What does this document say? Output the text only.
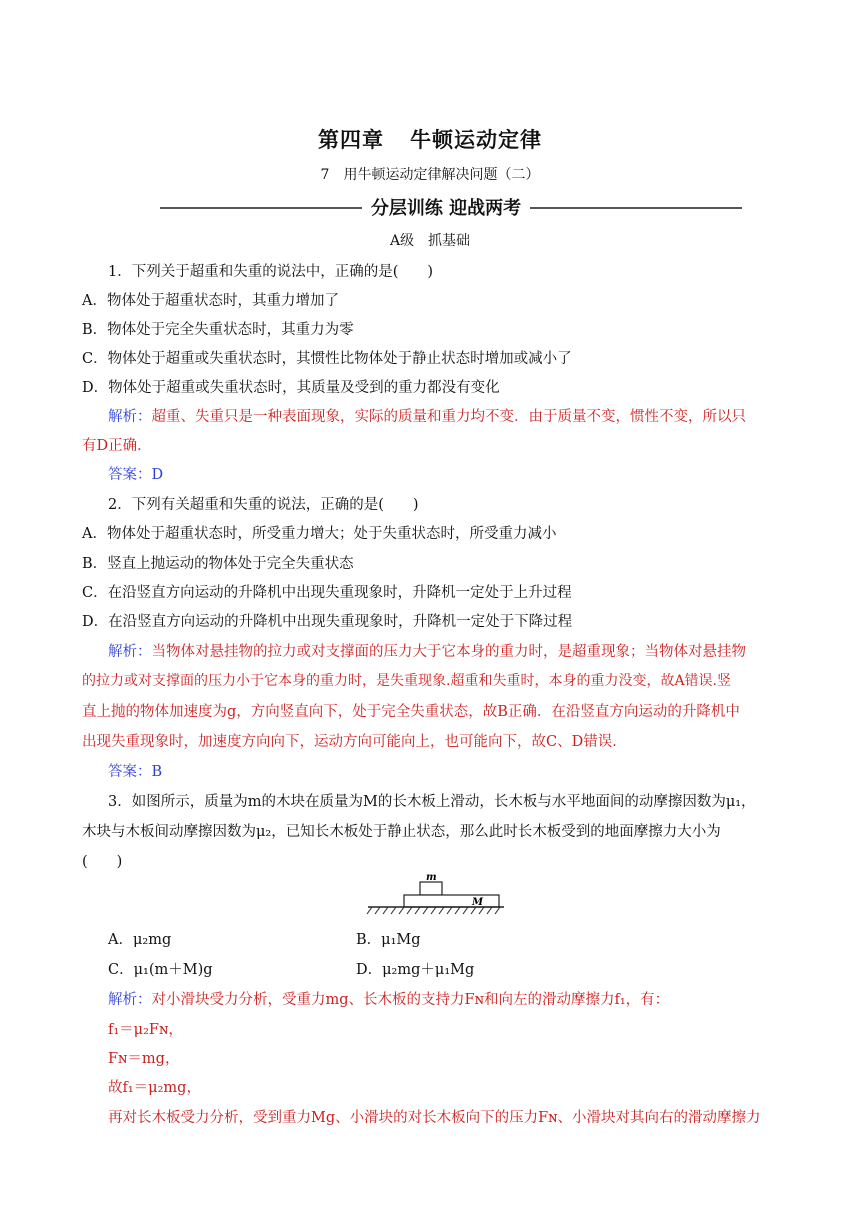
第四章 牛顿运动定律
7　用牛顿运动定律解决问题（二）
分层训练 迎战两考
A级　抓基础
1．下列关于超重和失重的说法中，正确的是(　　)
A．物体处于超重状态时，其重力增加了
B．物体处于完全失重状态时，其重力为零
C．物体处于超重或失重状态时，其惯性比物体处于静止状态时增加或减小了
D．物体处于超重或失重状态时，其质量及受到的重力都没有变化
解析：超重、失重只是一种表面现象，实际的质量和重力均不变．由于质量不变，惯性不变，所以只
有D正确．
答案：D
2．下列有关超重和失重的说法，正确的是(　　)
A．物体处于超重状态时，所受重力增大；处于失重状态时，所受重力减小
B．竖直上抛运动的物体处于完全失重状态
C．在沿竖直方向运动的升降机中出现失重现象时，升降机一定处于上升过程
D．在沿竖直方向运动的升降机中出现失重现象时，升降机一定处于下降过程
解析：当物体对悬挂物的拉力或对支撑面的压力大于它本身的重力时，是超重现象；当物体对悬挂物
的拉力或对支撑面的压力小于它本身的重力时，是失重现象.超重和失重时，本身的重力没变，故A错误.竖
直上抛的物体加速度为g，方向竖直向下，处于完全失重状态，故B正确．在沿竖直方向运动的升降机中
出现失重现象时，加速度方向向下，运动方向可能向上，也可能向下，故C、D错误．
答案：B
3．如图所示，质量为m的木块在质量为M的长木板上滑动，长木板与水平地面间的动摩擦因数为μ₁，
木块与木板间动摩擦因数为μ₂，已知长木板处于静止状态，那么此时长木板受到的地面摩擦力大小为
(　　)
m
M
A．μ₂mg	B．μ₁Mg
C．μ₁(m＋M)g	D．μ₂mg＋μ₁Mg
解析：对小滑块受力分析，受重力mg、长木板的支持力Fɴ和向左的滑动摩擦力f₁，有：
f₁＝μ₂Fɴ，
Fɴ＝mg，
故f₁＝μ₂mg，
再对长木板受力分析，受到重力Mg、小滑块的对长木板向下的压力Fɴ、小滑块对其向右的滑动摩擦力
